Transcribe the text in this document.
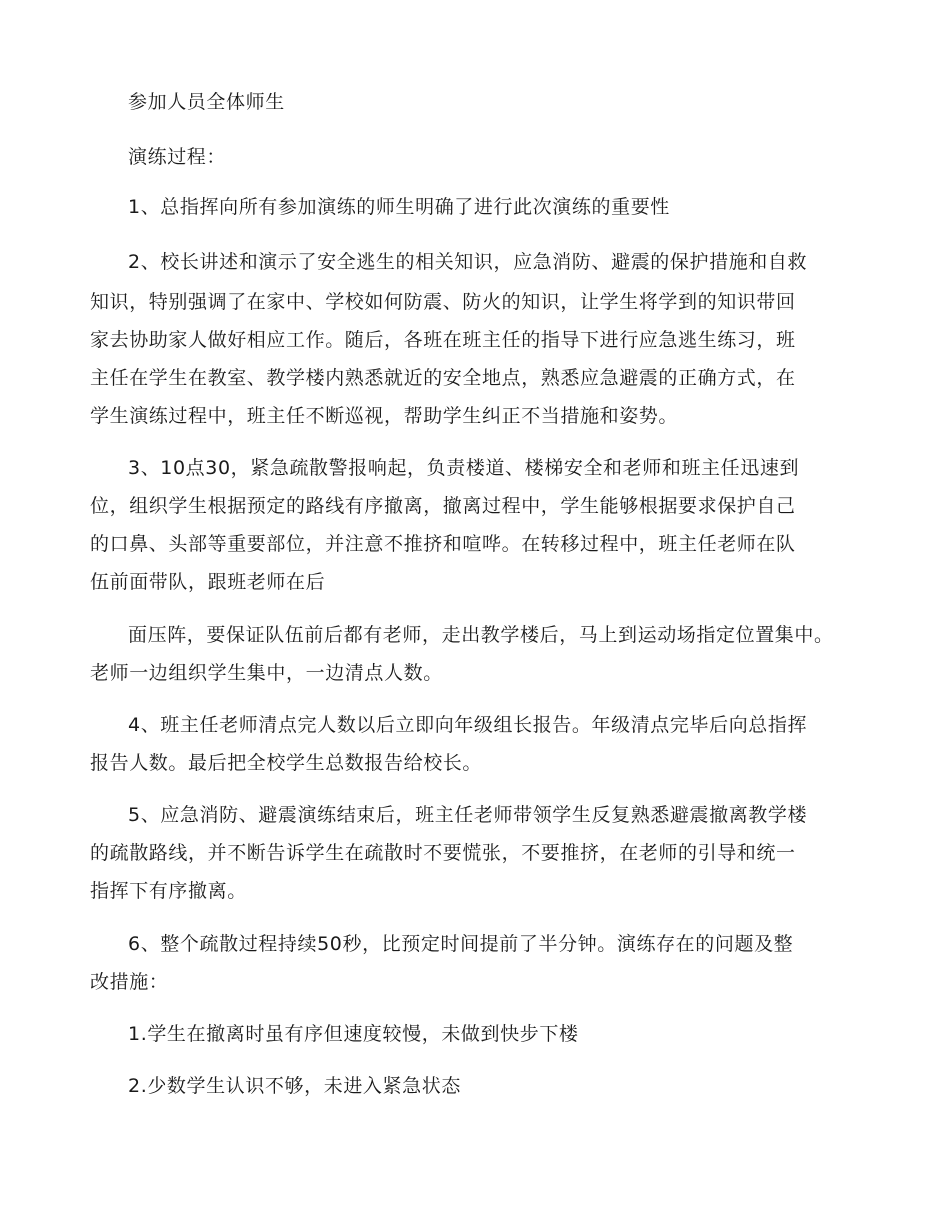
参加人员全体师生
演练过程：
1、总指挥向所有参加演练的师生明确了进行此次演练的重要性
2、校长讲述和演示了安全逃生的相关知识，应急消防、避震的保护措施和自救
知识，特别强调了在家中、学校如何防震、防火的知识，让学生将学到的知识带回
家去协助家人做好相应工作。随后，各班在班主任的指导下进行应急逃生练习，班
主任在学生在教室、教学楼内熟悉就近的安全地点，熟悉应急避震的正确方式，在
学生演练过程中，班主任不断巡视，帮助学生纠正不当措施和姿势。
3、10点30，紧急疏散警报响起，负责楼道、楼梯安全和老师和班主任迅速到
位，组织学生根据预定的路线有序撤离，撤离过程中，学生能够根据要求保护自己
的口鼻、头部等重要部位，并注意不推挤和喧哗。在转移过程中，班主任老师在队
伍前面带队，跟班老师在后
面压阵，要保证队伍前后都有老师，走出教学楼后，马上到运动场指定位置集中。
老师一边组织学生集中，一边清点人数。
4、班主任老师清点完人数以后立即向年级组长报告。年级清点完毕后向总指挥
报告人数。最后把全校学生总数报告给校长。
5、应急消防、避震演练结束后，班主任老师带领学生反复熟悉避震撤离教学楼
的疏散路线，并不断告诉学生在疏散时不要慌张，不要推挤，在老师的引导和统一
指挥下有序撤离。
6、整个疏散过程持续50秒，比预定时间提前了半分钟。演练存在的问题及整
改措施：
1.学生在撤离时虽有序但速度较慢，未做到快步下楼
2.少数学生认识不够，未进入紧急状态
